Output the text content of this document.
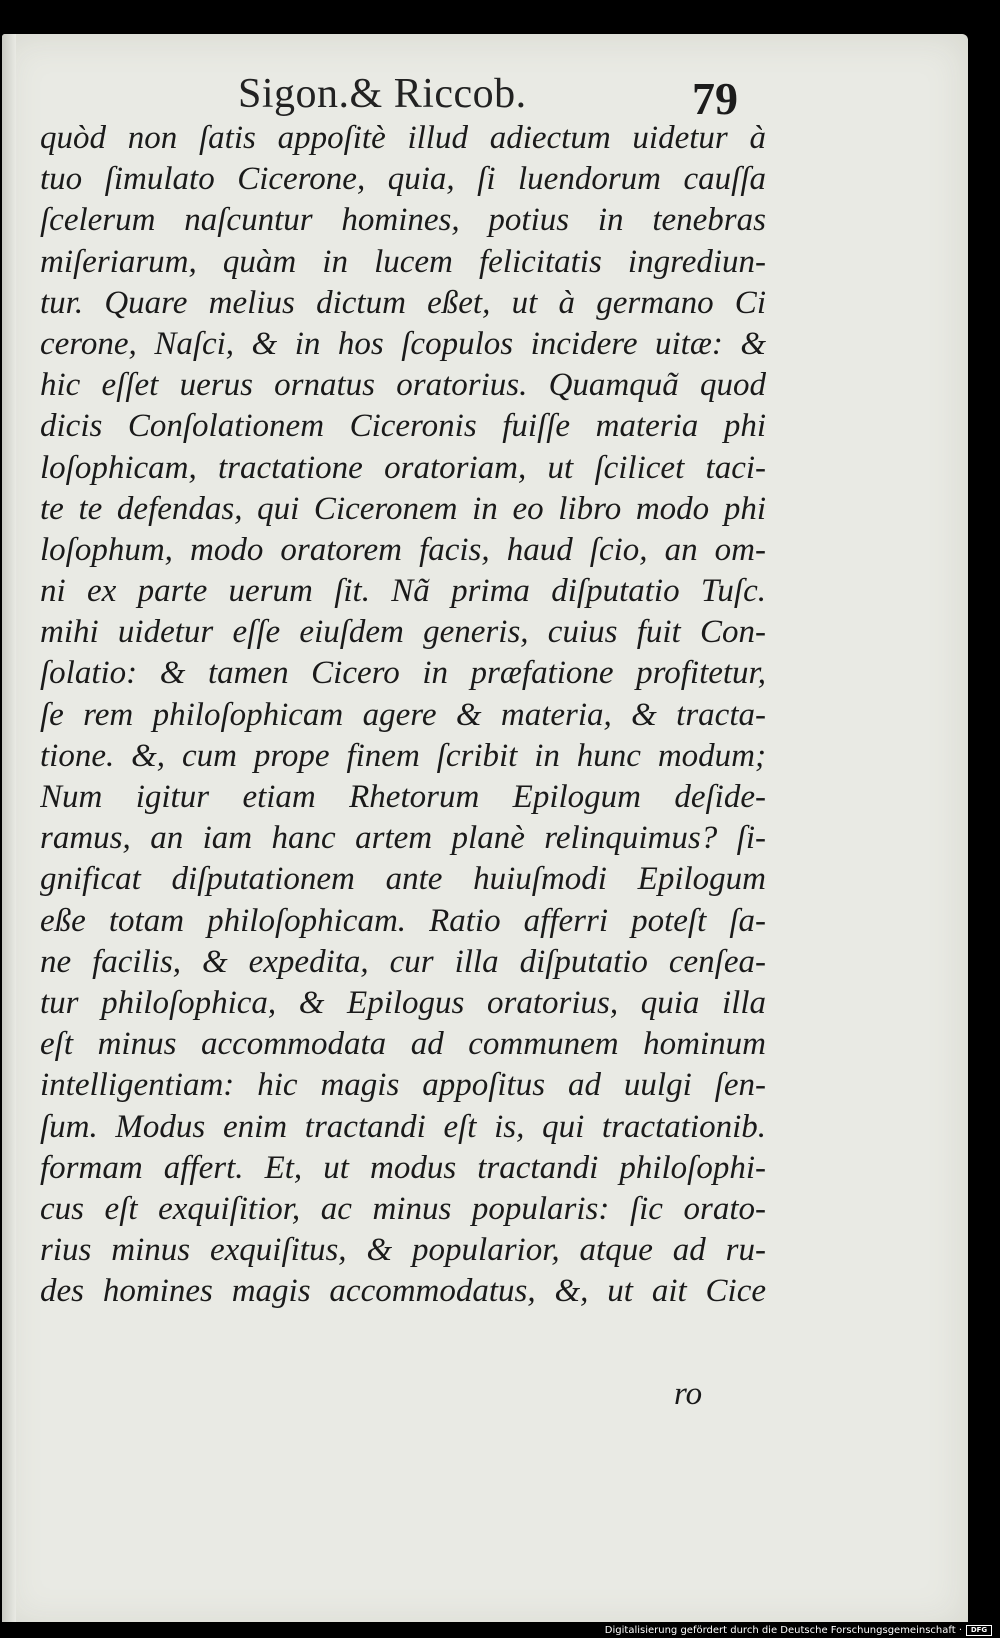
Sigon.& Riccob.	79
quòd non ſatis appoſitè illud adiectum uidetur à
tuo ſimulato Cicerone, quia, ſi luendorum cauſſa
ſcelerum naſcuntur homines, potius in tenebras
miſeriarum, quàm in lucem felicitatis ingrediun-
tur. Quare melius dictum eßet, ut à germano Ci
cerone, Naſci, & in hos ſcopulos incidere uitæ: &
hic eſſet uerus ornatus oratorius. Quamquã quod
dicis Conſolationem Ciceronis fuiſſe materia phi
loſophicam, tractatione oratoriam, ut ſcilicet taci-
te te defendas, qui Ciceronem in eo libro modo phi
loſophum, modo oratorem facis, haud ſcio, an om-
ni ex parte uerum ſit. Nã prima diſputatio Tuſc.
mihi uidetur eſſe eiuſdem generis, cuius fuit Con-
ſolatio: & tamen Cicero in præfatione profitetur,
ſe rem philoſophicam agere & materia, & tracta-
tione. &, cum prope finem ſcribit in hunc modum;
Num igitur etiam Rhetorum Epilogum deſide-
ramus, an iam hanc artem planè relinquimus? ſi-
gnificat diſputationem ante huiuſmodi Epilogum
eßе totam philoſophicam. Ratio afferri poteſt ſa-
ne facilis, & expedita, cur illa diſputatio cenſea-
tur philoſophica, & Epilogus oratorius, quia illa
eſt minus accommodata ad communem hominum
intelligentiam: hic magis appoſitus ad uulgi ſen-
ſum. Modus enim tractandi eſt is, qui tractationib.
formam affert. Et, ut modus tractandi philoſophi-
cus eſt exquiſitior, ac minus popularis: ſic orato-
rius minus exquiſitus, & popularior, atque ad ru-
des homines magis accommodatus, &, ut ait Cice
ro
Digitalisierung gefördert durch die Deutsche Forschungsgemeinschaft ·	DFG
